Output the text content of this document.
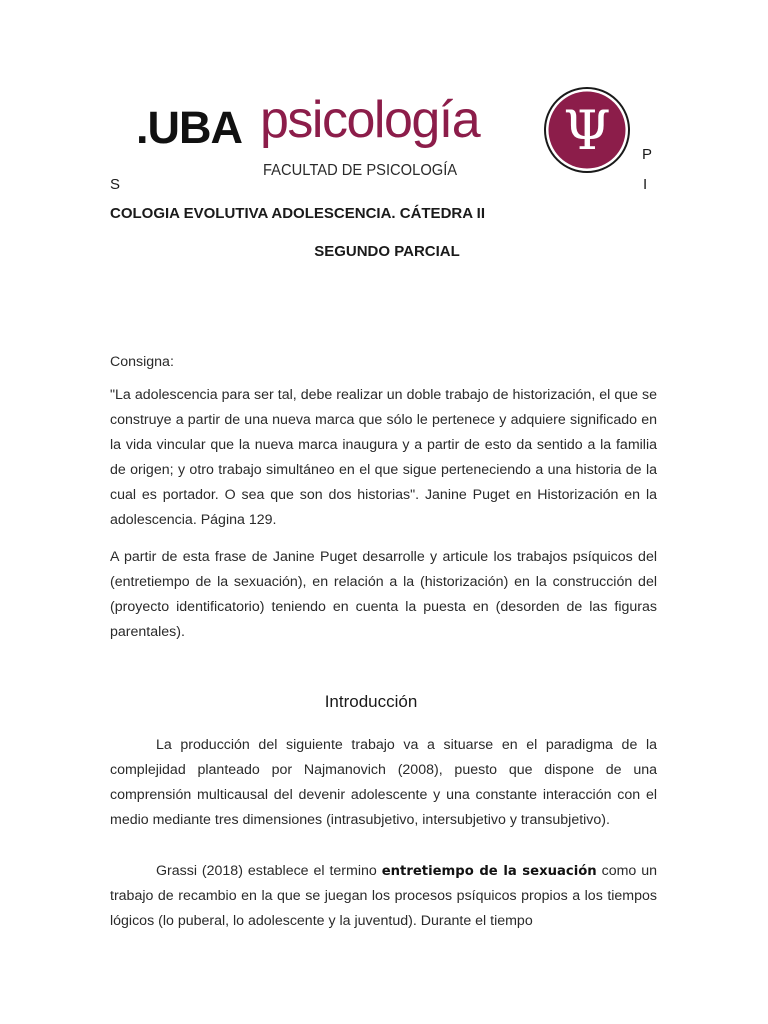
.UBA psicología
FACULTAD DE PSICOLOGÍA
Ψ
S
P
I
COLOGIA EVOLUTIVA ADOLESCENCIA. CÁTEDRA II
SEGUNDO PARCIAL
Consigna:
"La adolescencia para ser tal, debe realizar un doble trabajo de historización, el que se construye a partir de una nueva marca que sólo le pertenece y adquiere significado en la vida vincular que la nueva marca inaugura y a partir de esto da sentido a la familia de origen; y otro trabajo simultáneo en el que sigue perteneciendo a una historia de la cual es portador. O sea que son dos historias". Janine Puget en Historización en la adolescencia. Página 129.
A partir de esta frase de Janine Puget desarrolle y articule los trabajos psíquicos del (entretiempo de la sexuación), en relación a la (historización) en la construcción del (proyecto identificatorio) teniendo en cuenta la puesta en (desorden de las figuras parentales).
Introducción
La producción del siguiente trabajo va a situarse en el paradigma de la complejidad planteado por Najmanovich (2008), puesto que dispone de una comprensión multicausal del devenir adolescente y una constante interacción con el medio mediante tres dimensiones (intrasubjetivo, intersubjetivo y transubjetivo).
Grassi (2018) establece el termino entretiempo de la sexuación como un trabajo de recambio en la que se juegan los procesos psíquicos propios a los tiempos lógicos (lo puberal, lo adolescente y la juventud). Durante el tiempo
